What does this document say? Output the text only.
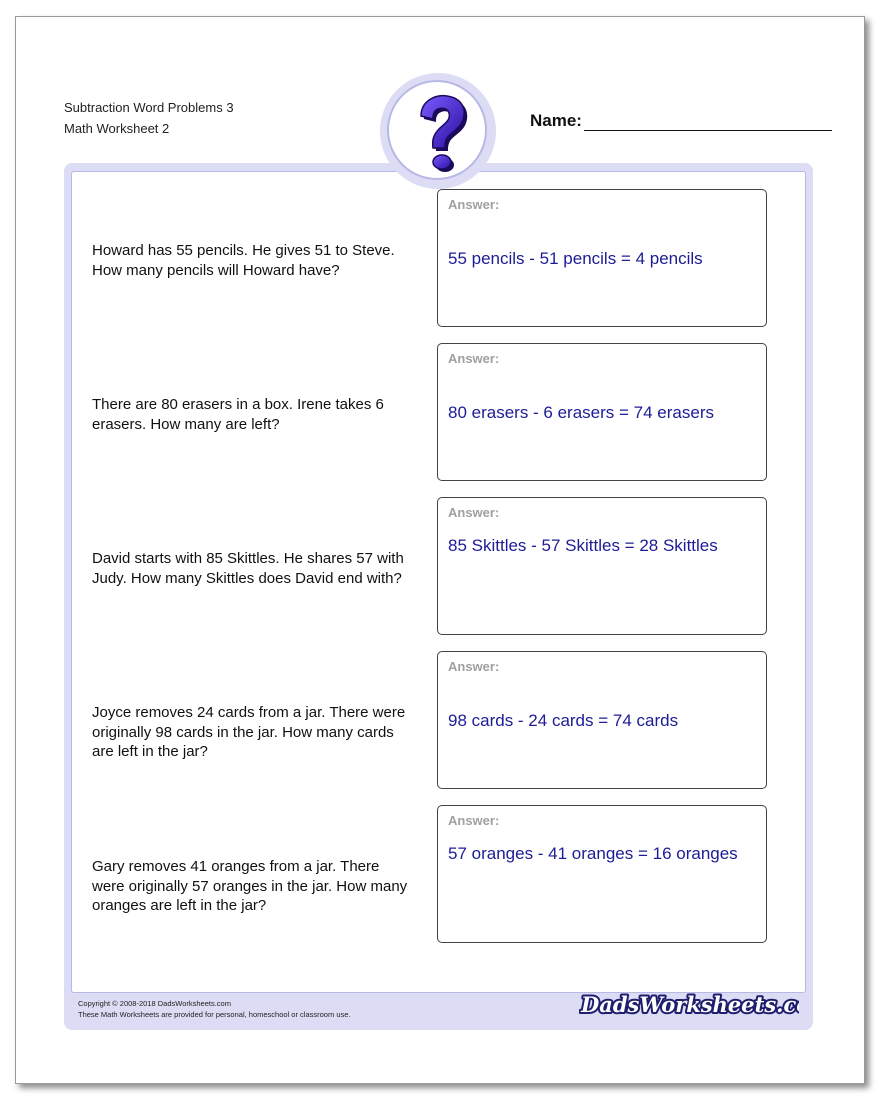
Subtraction Word Problems 3
Math Worksheet 2	Name:
Howard has 55 pencils. He gives 51 to Steve. How many pencils will Howard have?
Answer:
55 pencils - 51 pencils = 4 pencils
There are 80 erasers in a box. Irene takes 6 erasers. How many are left?
Answer:
80 erasers - 6 erasers = 74 erasers
David starts with 85 Skittles. He shares 57 with Judy. How many Skittles does David end with?
Answer:
85 Skittles - 57 Skittles = 28 Skittles
Joyce removes 24 cards from a jar. There were originally 98 cards in the jar. How many cards are left in the jar?
Answer:
98 cards - 24 cards = 74 cards
Gary removes 41 oranges from a jar. There were originally 57 oranges in the jar. How many oranges are left in the jar?
Answer:
57 oranges - 41 oranges = 16 oranges
Copyright © 2008-2018 DadsWorksheets.com
These Math Worksheets are provided for personal, homeschool or classroom use.	DadsWorksheets.c
DadsWorksheets.c
